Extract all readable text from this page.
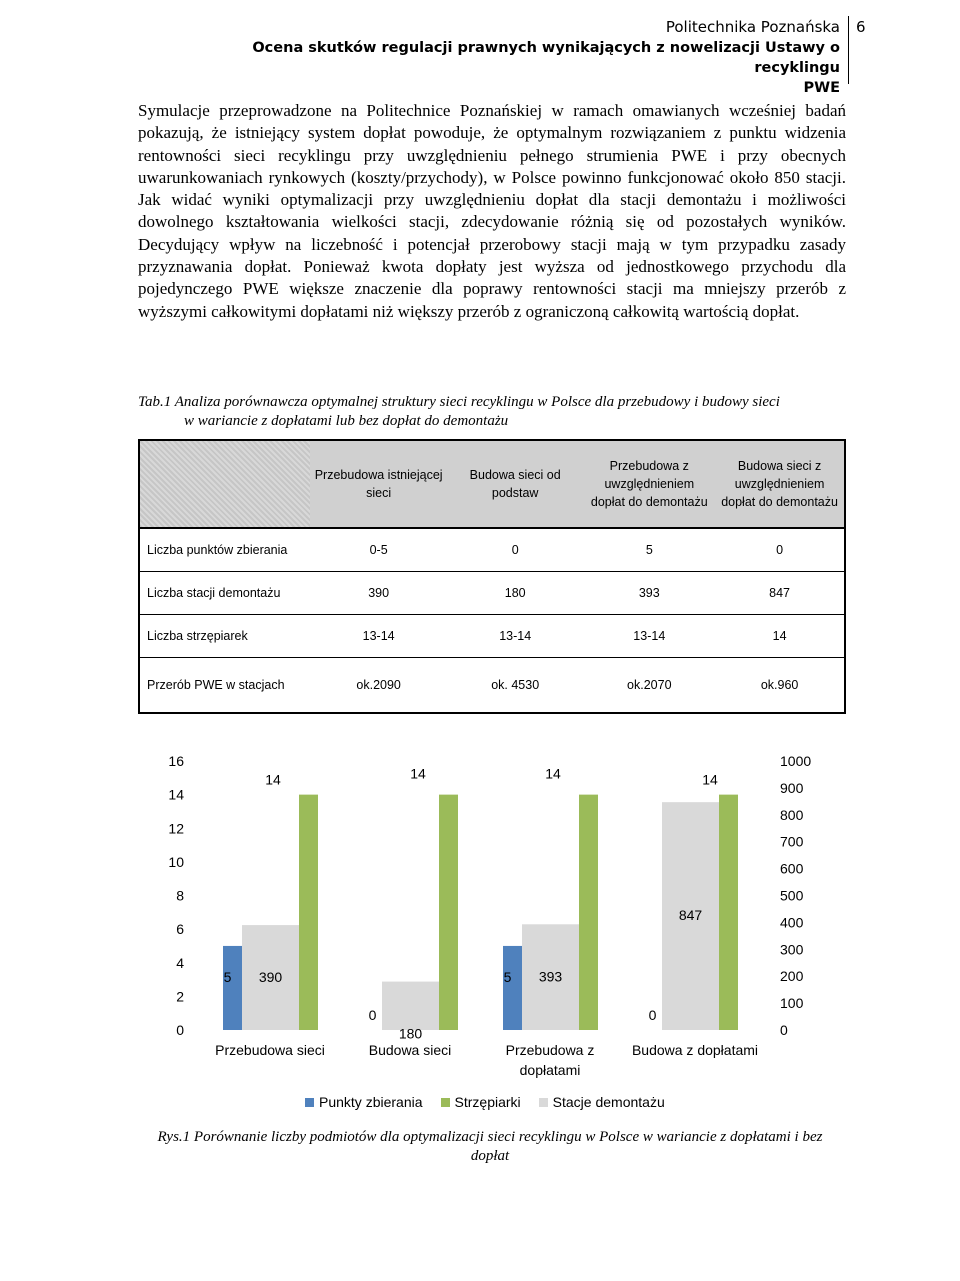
Politechnika Poznańska
Ocena skutków regulacji prawnych wynikających z nowelizacji Ustawy o recyklingu
PWE
6
Symulacje przeprowadzone na Politechnice Poznańskiej w ramach omawianych wcześniej badań pokazują, że istniejący system dopłat powoduje, że optymalnym rozwiązaniem z punktu widzenia rentowności sieci recyklingu przy uwzględnieniu pełnego strumienia PWE i przy obecnych uwarunkowaniach rynkowych (koszty/przychody), w Polsce powinno funkcjonować około 850 stacji. Jak widać wyniki optymalizacji przy uwzględnieniu dopłat dla stacji demontażu i możliwości dowolnego kształtowania wielkości stacji, zdecydowanie różnią się od pozostałych wyników. Decydujący wpływ na liczebność i potencjał przerobowy stacji mają w tym przypadku zasady przyznawania dopłat. Ponieważ kwota dopłaty jest wyższa od jednostkowego przychodu dla pojedynczego PWE większe znaczenie dla poprawy rentowności stacji ma mniejszy przerób z wyższymi całkowitymi dopłatami niż większy przerób z ograniczoną całkowitą wartością dopłat.
Tab.1 Analiza porównawcza optymalnej struktury sieci recyklingu w Polsce dla przebudowy i budowy sieci
w wariancie z dopłatami lub bez dopłat do demontażu
	Przebudowa istniejącej sieci	Budowa sieci od podstaw	Przebudowa z uwzględnieniem dopłat do demontażu	Budowa sieci z uwzględnieniem dopłat do demontażu
Liczba punktów zbierania	0-5	0	5	0
Liczba stacji demontażu	390	180	393	847
Liczba strzępiarek	13-14	13-14	13-14	14
Przerób PWE w stacjach	ok.2090	ok. 4530	ok.2070	ok.960
0
2
4
6
8
10
12
14
16
0
100
200
300
400
500
600
700
800
900
1000
5 390
14
Przebudowa sieci
0
180
14
Budowa sieci
5 393
14
Przebudowa z
dopłatami
0
847
14
Budowa z dopłatami
Punkty zbierania Strzępiarki Stacje demontażu
Rys.1 Porównanie liczby podmiotów dla optymalizacji sieci recyklingu w Polsce w wariancie z dopłatami i bez dopłat
